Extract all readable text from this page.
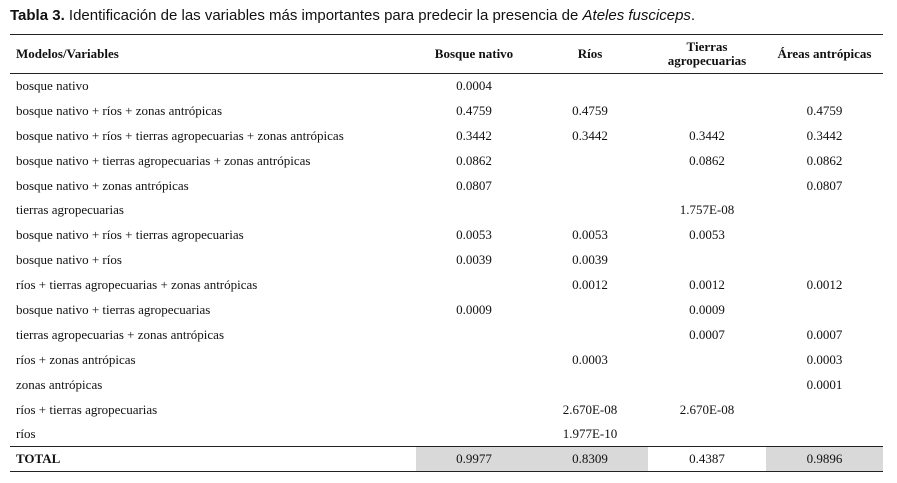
Tabla 3. Identificación de las variables más importantes para predecir la presencia de Ateles fusciceps.
Modelos/Variables	Bosque nativo	Ríos	Tierras agropecuarias	Áreas antrópicas
bosque nativo	0.0004			
bosque nativo + ríos + zonas antrópicas	0.4759	0.4759		0.4759
bosque nativo + ríos + tierras agropecuarias + zonas antrópicas	0.3442	0.3442	0.3442	0.3442
bosque nativo + tierras agropecuarias + zonas antrópicas	0.0862		0.0862	0.0862
bosque nativo + zonas antrópicas	0.0807			0.0807
tierras agropecuarias			1.757E-08	
bosque nativo + ríos + tierras agropecuarias	0.0053	0.0053	0.0053	
bosque nativo + ríos	0.0039	0.0039		
ríos + tierras agropecuarias + zonas antrópicas		0.0012	0.0012	0.0012
bosque nativo + tierras agropecuarias	0.0009		0.0009	
tierras agropecuarias + zonas antrópicas			0.0007	0.0007
ríos + zonas antrópicas		0.0003		0.0003
zonas antrópicas				0.0001
ríos + tierras agropecuarias		2.670E-08	2.670E-08	
ríos		1.977E-10		
TOTAL	0.9977	0.8309	0.4387	0.9896
